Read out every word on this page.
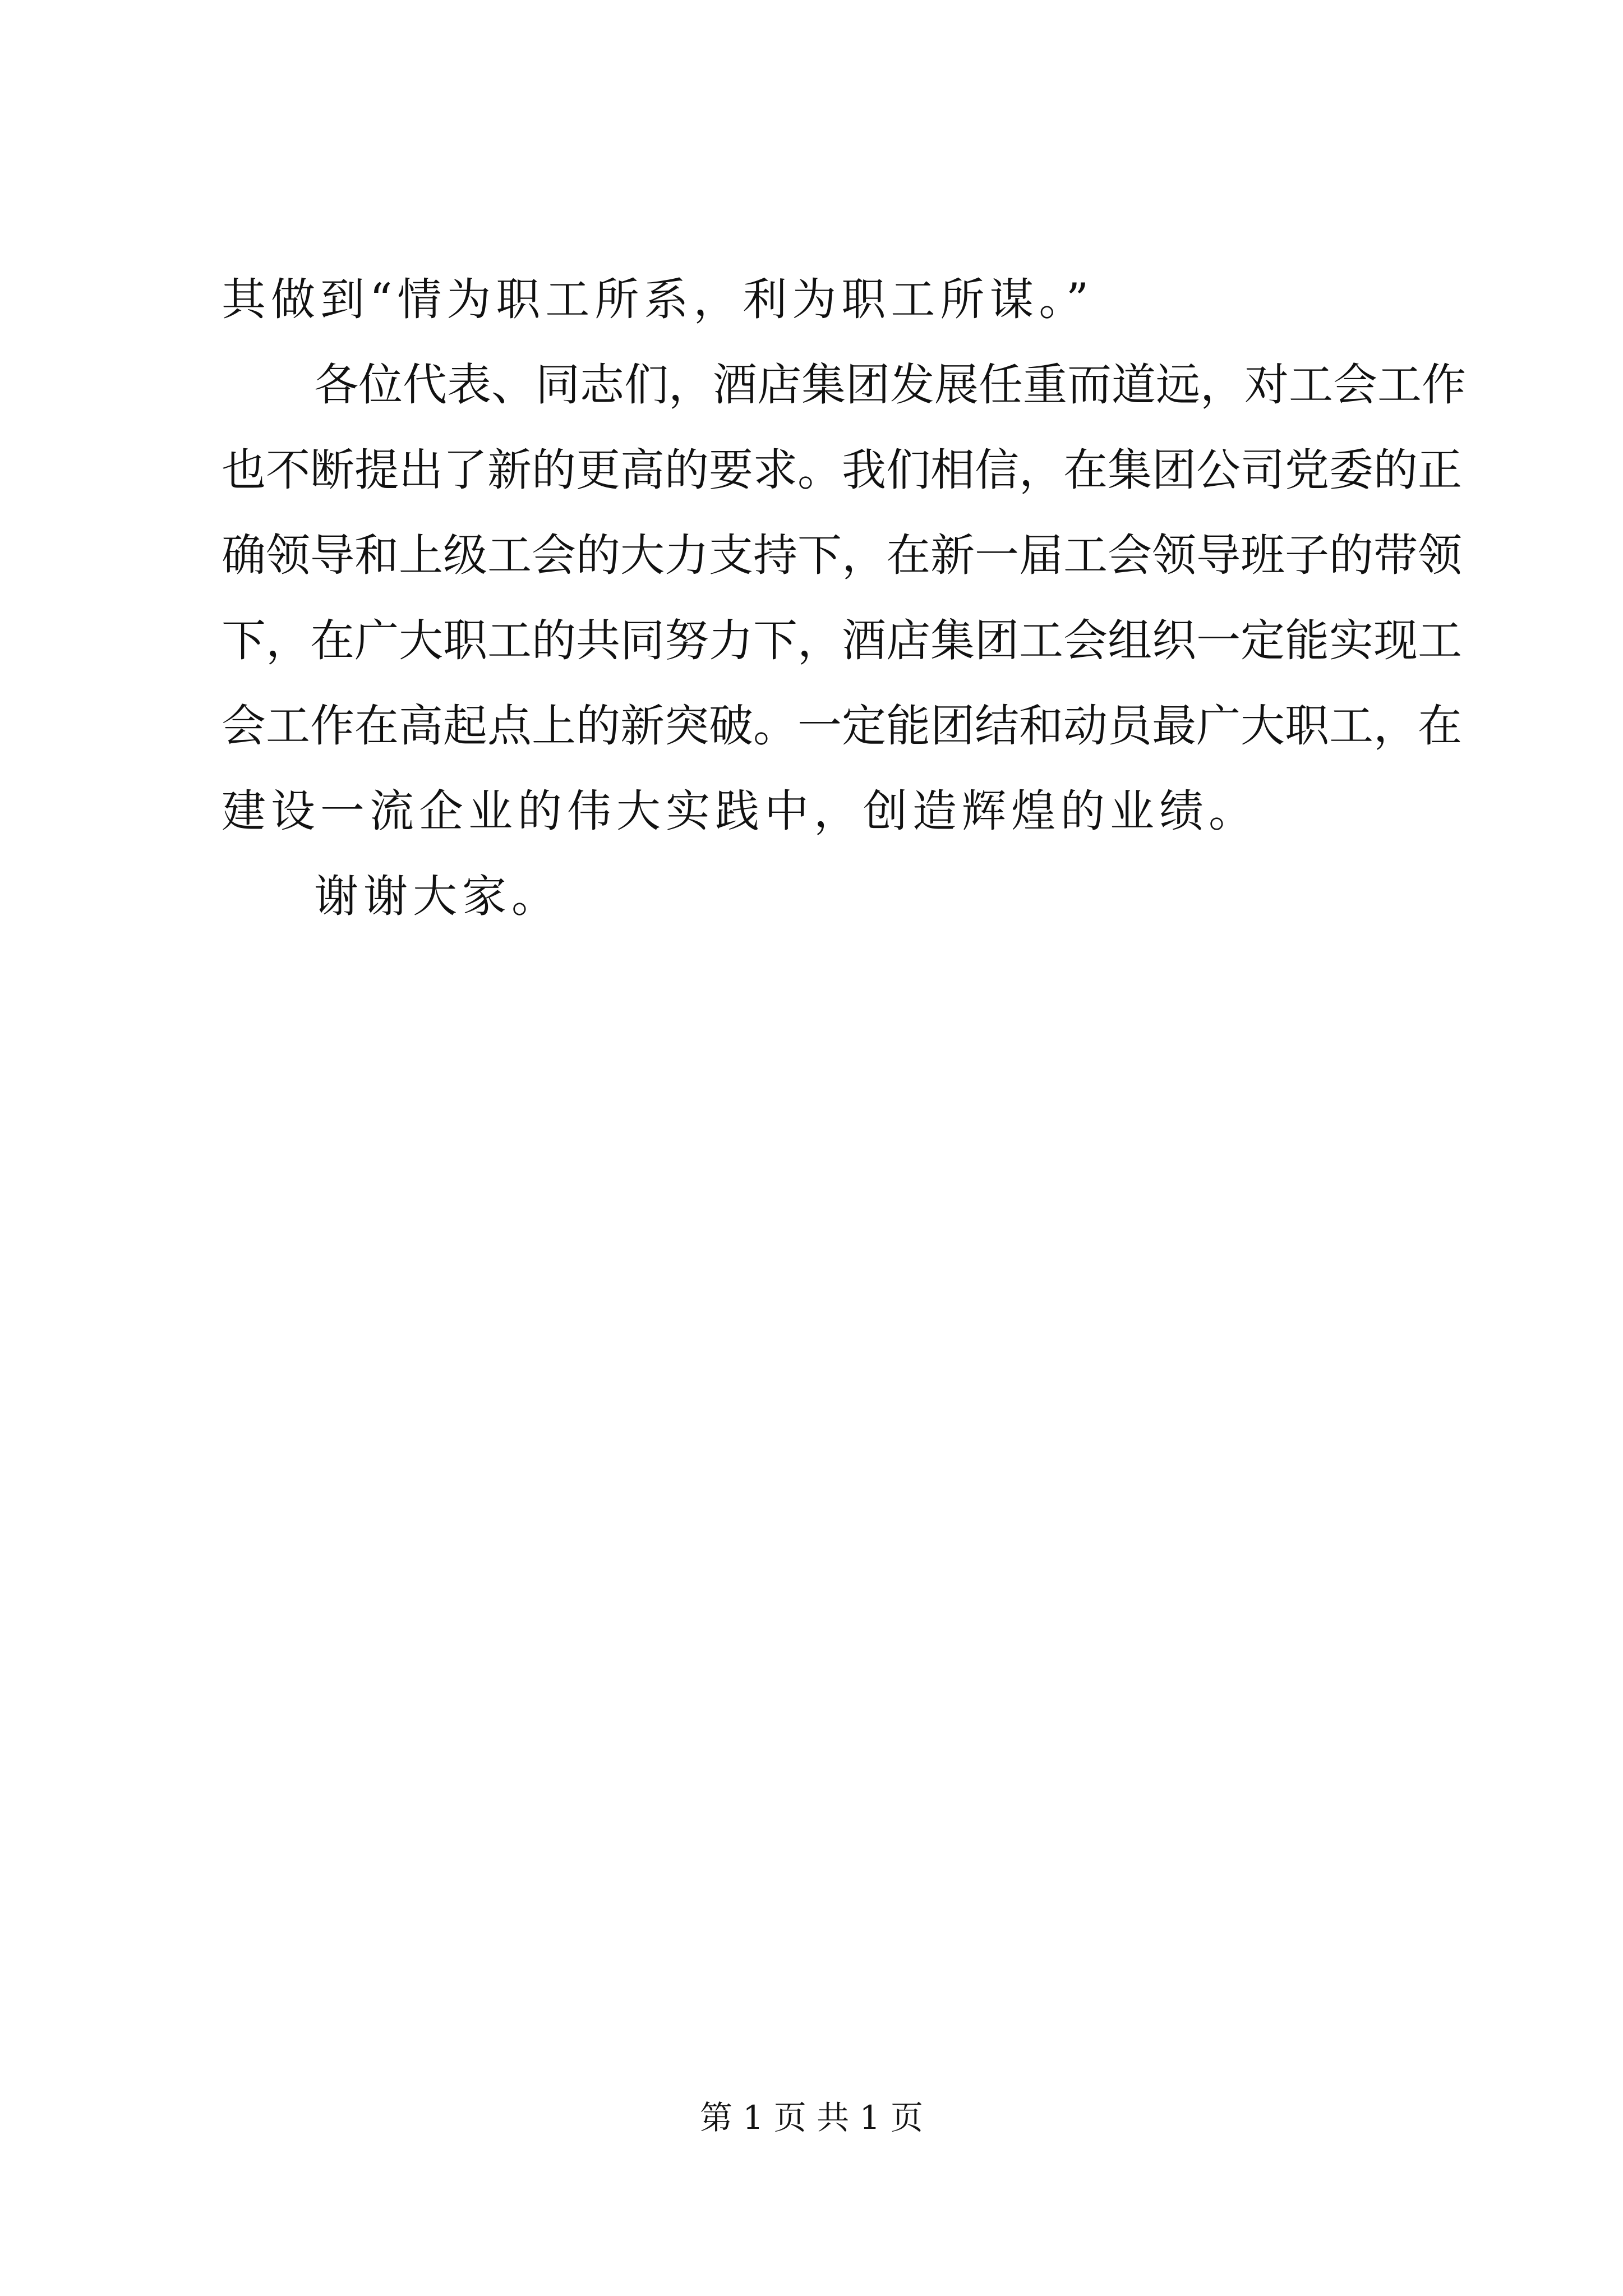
其做到“情为职工所系，利为职工所谋。”
各位代表、同志们，酒店集团发展任重而道远，对工会工作
也不断提出了新的更高的要求。我们相信，在集团公司党委的正
确领导和上级工会的大力支持下，在新一届工会领导班子的带领
下，在广大职工的共同努力下，酒店集团工会组织一定能实现工
会工作在高起点上的新突破。一定能团结和动员最广大职工，在
建设一流企业的伟大实践中，创造辉煌的业绩。
谢谢大家。
第 1 页 共 1 页
